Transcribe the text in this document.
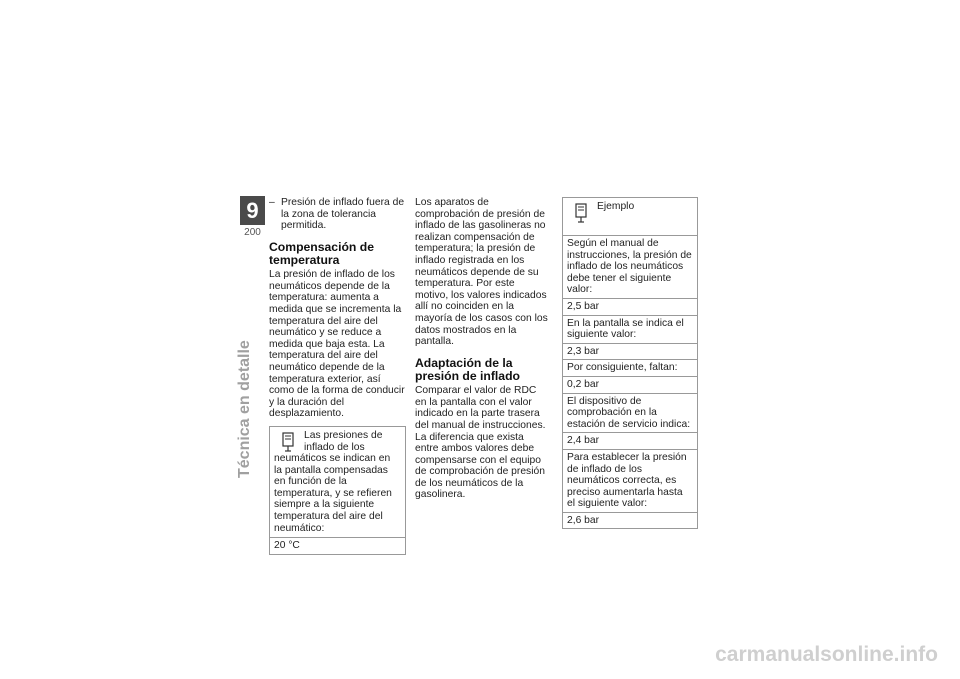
9
200
Técnica en detalle

– Presión de inflado fuera de la zona de tolerancia permitida.

Compensación de temperatura

La presión de inflado de los neumáticos depende de la temperatura: aumenta a medida que se incrementa la temperatura del aire del neumático y se reduce a medida que baja esta. La temperatura del aire del neumático depende de la temperatura exterior, así como de la forma de conducir y la duración del desplazamiento.

Las presiones de inflado de los neumáticos se indican en la pantalla compensadas en función de la temperatura, y se refieren siempre a la siguiente temperatura del aire del neumático:
20 °C

Los aparatos de comprobación de presión de inflado de las gasolineras no realizan compensación de temperatura; la presión de inflado registrada en los neumáticos depende de su temperatura. Por este motivo, los valores indicados allí no coinciden en la mayoría de los casos con los datos mostrados en la pantalla.

Adaptación de la presión de inflado

Comparar el valor de RDC en la pantalla con el valor indicado en la parte trasera del manual de instrucciones. La diferencia que exista entre ambos valores debe compensarse con el equipo de comprobación de presión de los neumáticos de la gasolinera.

Ejemplo
Según el manual de instrucciones, la presión de inflado de los neumáticos debe tener el siguiente valor:
2,5 bar
En la pantalla se indica el siguiente valor:
2,3 bar
Por consiguiente, faltan:
0,2 bar
El dispositivo de comprobación en la estación de servicio indica:
2,4 bar
Para establecer la presión de inflado de los neumáticos correcta, es preciso aumentarla hasta el siguiente valor:
2,6 bar
carmanualsonline.info
